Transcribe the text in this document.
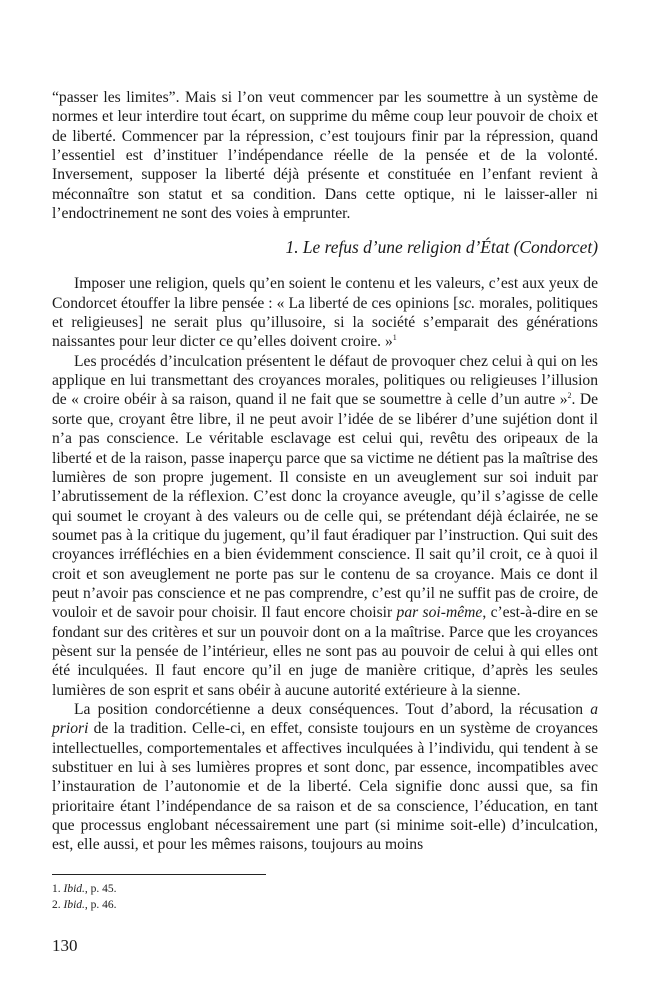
“passer les limites”. Mais si l’on veut commencer par les soumettre à un système de normes et leur interdire tout écart, on supprime du même coup leur pouvoir de choix et de liberté. Commencer par la répression, c’est toujours finir par la répression, quand l’essentiel est d’instituer l’indépendance réelle de la pensée et de la volonté. Inversement, supposer la liberté déjà présente et constituée en l’enfant revient à méconnaître son statut et sa condition. Dans cette optique, ni le laisser-aller ni l’endoctrinement ne sont des voies à emprunter.

1. Le refus d’une religion d’État (Condorcet)

Imposer une religion, quels qu’en soient le contenu et les valeurs, c’est aux yeux de Condorcet étouffer la libre pensée : « La liberté de ces opinions [sc. morales, politiques et religieuses] ne serait plus qu’illusoire, si la société s’emparait des générations naissantes pour leur dicter ce qu’elles doivent croire. »$^1$

Les procédés d’inculcation présentent le défaut de provoquer chez celui à qui on les applique en lui transmettant des croyances morales, politiques ou religieuses l’illusion de « croire obéir à sa raison, quand il ne fait que se soumettre à celle d’un autre »$^2$. De sorte que, croyant être libre, il ne peut avoir l’idée de se libérer d’une sujétion dont il n’a pas conscience. Le véritable esclavage est celui qui, revêtu des oripeaux de la liberté et de la raison, passe inaperçu parce que sa victime ne détient pas la maîtrise des lumières de son propre jugement. Il consiste en un aveuglement sur soi induit par l’abrutissement de la réflexion. C’est donc la croyance aveugle, qu’il s’agisse de celle qui soumet le croyant à des valeurs ou de celle qui, se prétendant déjà éclairée, ne se soumet pas à la critique du jugement, qu’il faut éradiquer par l’instruction. Qui suit des croyances irréfléchies en a bien évidemment conscience. Il sait qu’il croit, ce à quoi il croit et son aveuglement ne porte pas sur le contenu de sa croyance. Mais ce dont il peut n’avoir pas conscience et ne pas comprendre, c’est qu’il ne suffit pas de croire, de vouloir et de savoir pour choisir. Il faut encore choisir par soi-même, c’est-à-dire en se fondant sur des critères et sur un pouvoir dont on a la maîtrise. Parce que les croyances pèsent sur la pensée de l’intérieur, elles ne sont pas au pouvoir de celui à qui elles ont été inculquées. Il faut encore qu’il en juge de manière critique, d’après les seules lumières de son esprit et sans obéir à aucune autorité extérieure à la sienne.

La position condorcétienne a deux conséquences. Tout d’abord, la récusation a priori de la tradition. Celle-ci, en effet, consiste toujours en un système de croyances intellectuelles, comportementales et affectives inculquées à l’individu, qui tendent à se substituer en lui à ses lumières propres et sont donc, par essence, incompatibles avec l’instauration de l’autonomie et de la liberté. Cela signifie donc aussi que, sa fin prioritaire étant l’indépendance de sa raison et de sa conscience, l’éducation, en tant que processus englobant nécessairement une part (si minime soit-elle) d’inculcation, est, elle aussi, et pour les mêmes raisons, toujours au moins

1. Ibid., p. 45.
2. Ibid., p. 46.
130
